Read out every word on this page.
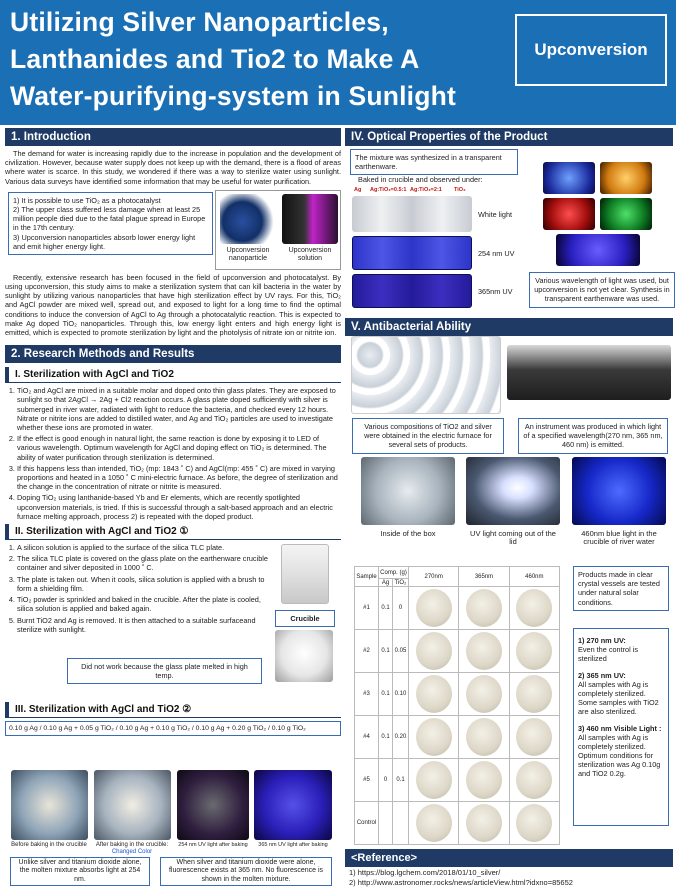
Utilizing Silver Nanoparticles,
Lanthanides and Tio2 to Make A
Water-purifying-system in Sunlight
Upconversion
1. Introduction
The demand for water is increasing rapidly due to the increase in population and the development of civilization. However, because water supply does not keep up with the demand, there is a flood of areas where water is scarce. In this study, we wondered if there was a way to sterilize water using sunlight. Various data surveys have identified some information that may be useful for water purification.
1) It is possible to use TiO₂ as a photocatalyst
2) The upper class suffered less damage when at least 25 million people died due to the fatal plague spread in Europe in the 17th century.
3) Upconversion nanoparticles absorb lower energy light and emit higher energy light.	Upconversion nanoparticle
Upconversion solution
Recently, extensive research has been focused in the field of upconversion and photocatalyst. By using upconversion, this study aims to make a sterilization system that can kill bacteria in the water by sunlight by utilizing various nanoparticles that have high sterilization effect by UV rays. For this, TiO₂ and AgCl powder are mixed well, spread out, and exposed to light for a long time to find the optimal conditions to induce the conversion of AgCl to Ag through a photocatalytic reaction. This is expected to make Ag doped TiO₂ nanoparticles. Through this, low energy light enters and high energy light is emitted, which is expected to promote sterilization by light and the photolysis of nitrate ion or nitrite ion.
2. Research Methods and Results
I. Sterilization with AgCl and TiO2
1. TiO₂ and AgCl are mixed in a suitable molar and doped onto thin glass plates. They are exposed to sunlight so that 2AgCl → 2Ag + Cl2 reaction occurs. A glass plate doped sufficiently with silver is submerged in river water, radiated with light to reduce the bacteria, and checked every 12 hours. Nitrate or nitrite ions are added to distilled water, and Ag and TiO₂ particles are used to investigate whether these ions are promoted in water.
2. If the effect is good enough in natural light, the same reaction is done by exposing it to LED of various wavelength. Optimum wavelength for AgCl and doping effect on TiO₂ is determined. The ability of water purification through sterilization is determined.
3. If this happens less than intended, TiO₂ (mp: 1843 ˚ C) and AgCl(mp: 455 ˚ C) are mixed in varying proportions and heated in a 1050 ˚ C mini-electric furnace. As before, the degree of sterilization and the change in the concentration of nitrate or nitrite is measured.
4. Doping TiO₂ using lanthanide-based Yb and Er elements, which are recently spotlighted upconversion materials, is tried. If this is successful through a salt-based approach and an electric furnace melting approach, process 2) is repeated with the doped product.
II. Sterilization with AgCl and TiO2 ①
1. A silicon solution is applied to the surface of the silica TLC plate.
2. The silica TLC plate is covered on the glass plate on the earthenware crucible container and silver deposited in 1000 ˚ C.
3. The plate is taken out. When it cools, silica solution is applied with a brush to form a shielding film.
4. TiO₂ powder is sprinkled and baked in the crucible. After the plate is cooled, silica solution is applied and baked again.
5. Burnt TiO2 and Ag is removed. It is then attached to a suitable surfaceand sterilize with sunlight.
Crucible
Did not work because the glass plate melted in high temp.
III. Sterilization with AgCl and TiO2 ②
0.10 g Ag / 0.10 g Ag + 0.05 g TiO₂ / 0.10 g Ag + 0.10 g TiO₂ / 0.10 g Ag + 0.20 g TiO₂ / 0.10 g TiO₂
Before baking in the crucible	After baking in the crucible:
Changed Color
254 nm UV light after baking	365 nm UV light after baking
Unlike silver and titanium dioxide alone, the molten mixture absorbs light at 254 nm.
When silver and titanium dioxide were alone, fluorescence exists at 365 nm. No fluorescence is shown in the molten mixture.
IV. Optical Properties of the Product
The mixture was synthesized in a transparent earthenware.
Baked in crucible and observed under:
Ag Ag:TiO₂=0.5:1 Ag:TiO₂=2:1 TiO₂
White light
254 nm UV
365nm UV
Various wavelength of light was used, but upconversion is not yet clear. Synthesis in transparent earthenware was used.
V. Antibacterial Ability
Various compositions of TiO2 and silver were obtained in the electric furnace for several sets of products.
An instrument was produced in which light of a specified wavelength(270 nm, 365 nm, 460 nm) is emitted.
Inside of the box	UV light coming out of the lid
460nm blue light in the crucible of river water
Sample	Comp. (g)		270nm	365nm	460nm
	Ag	TiO₂			
#1	0.1	0	

#2	0.1	0.05	

#3	0.1	0.10	

#4	0.1	0.20	

#5	0	0.1	

Control			

Products made in clear crystal vessels are tested under natural solar conditions.
1) 270 nm UV:
Even the control is sterilized
2) 365 nm UV:
All samples with Ag is completely sterilized. Some samples with TiO2 are also sterilized.
3) 460 nm Visible Light :
All samples with Ag is completely sterilized. Optimum conditions for sterilization was Ag 0.10g and TiO2 0.2g.
<Reference>
1) https://blog.lgchem.com/2018/01/10_silver/
2) http://www.astronomer.rocks/news/articleView.html?idxno=85652
